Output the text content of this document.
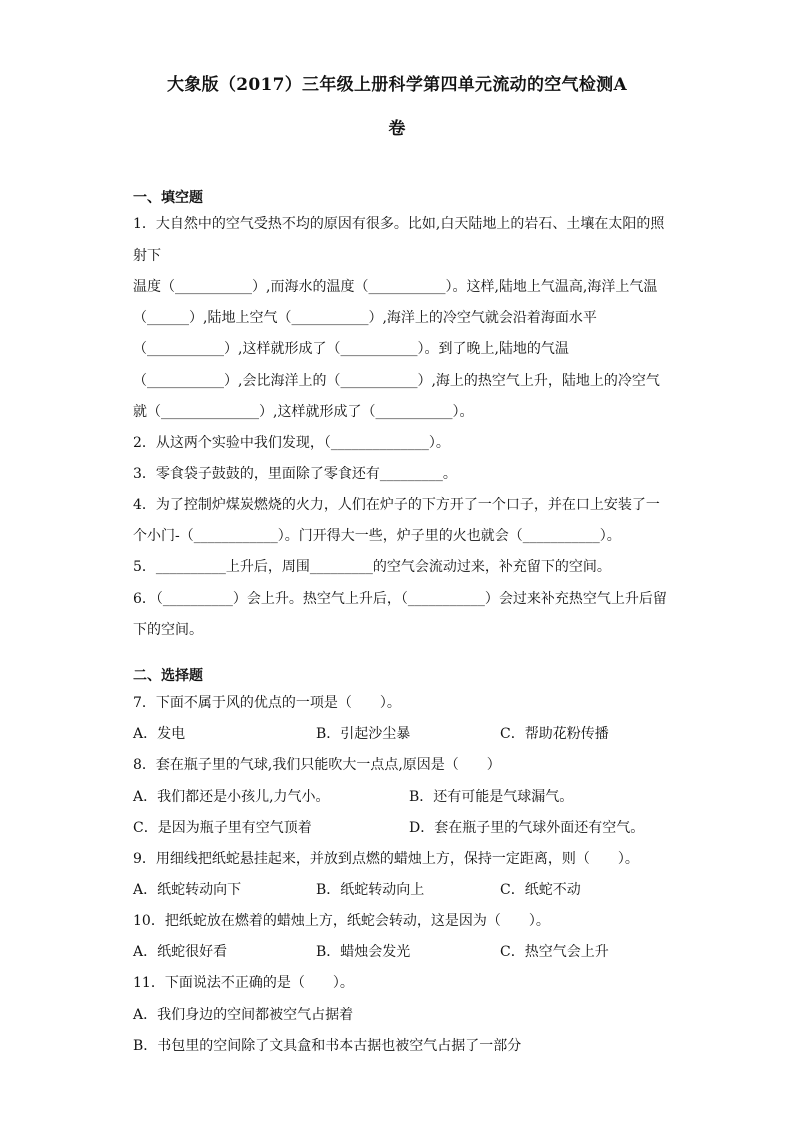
大象版（2017）三年级上册科学第四单元流动的空气检测A
卷
一、填空题
1．大自然中的空气受热不均的原因有很多。比如,白天陆地上的岩石、土壤在太阳的照
射下
温度（___________）,而海水的温度（___________）。这样,陆地上气温高,海洋上气温
（______）,陆地上空气（___________）,海洋上的冷空气就会沿着海面水平
（___________）,这样就形成了（___________）。到了晚上,陆地的气温
（___________）,会比海洋上的（___________）,海上的热空气上升，陆地上的冷空气
就（______________）,这样就形成了（___________）。
2．从这两个实验中我们发现，（______________）。
3．零食袋子鼓鼓的，里面除了零食还有_________。
4．为了控制炉煤炭燃烧的火力，人们在炉子的下方开了一个口子，并在口上安装了一
个小门-（____________）。门开得大一些，炉子里的火也就会（___________）。
5．__________上升后，周围_________的空气会流动过来，补充留下的空间。
6．（__________）会上升。热空气上升后，（___________）会过来补充热空气上升后留
下的空间。
二、选择题
7．下面不属于风的优点的一项是（　　）。
A．发电	B．引起沙尘暴	C．帮助花粉传播
8．套在瓶子里的气球,我们只能吹大一点点,原因是（　　）
A．我们都还是小孩儿,力气小。	B．还有可能是气球漏气。
C．是因为瓶子里有空气顶着	D．套在瓶子里的气球外面还有空气。
9．用细线把纸蛇悬挂起来，并放到点燃的蜡烛上方，保持一定距离，则（　　）。
A．纸蛇转动向下	B．纸蛇转动向上	C．纸蛇不动
10．把纸蛇放在燃着的蜡烛上方，纸蛇会转动，这是因为（　　）。
A．纸蛇很好看	B．蜡烛会发光	C．热空气会上升
11．下面说法不正确的是（　　）。
A．我们身边的空间都被空气占据着
B．书包里的空间除了文具盒和书本古据也被空气占据了一部分
